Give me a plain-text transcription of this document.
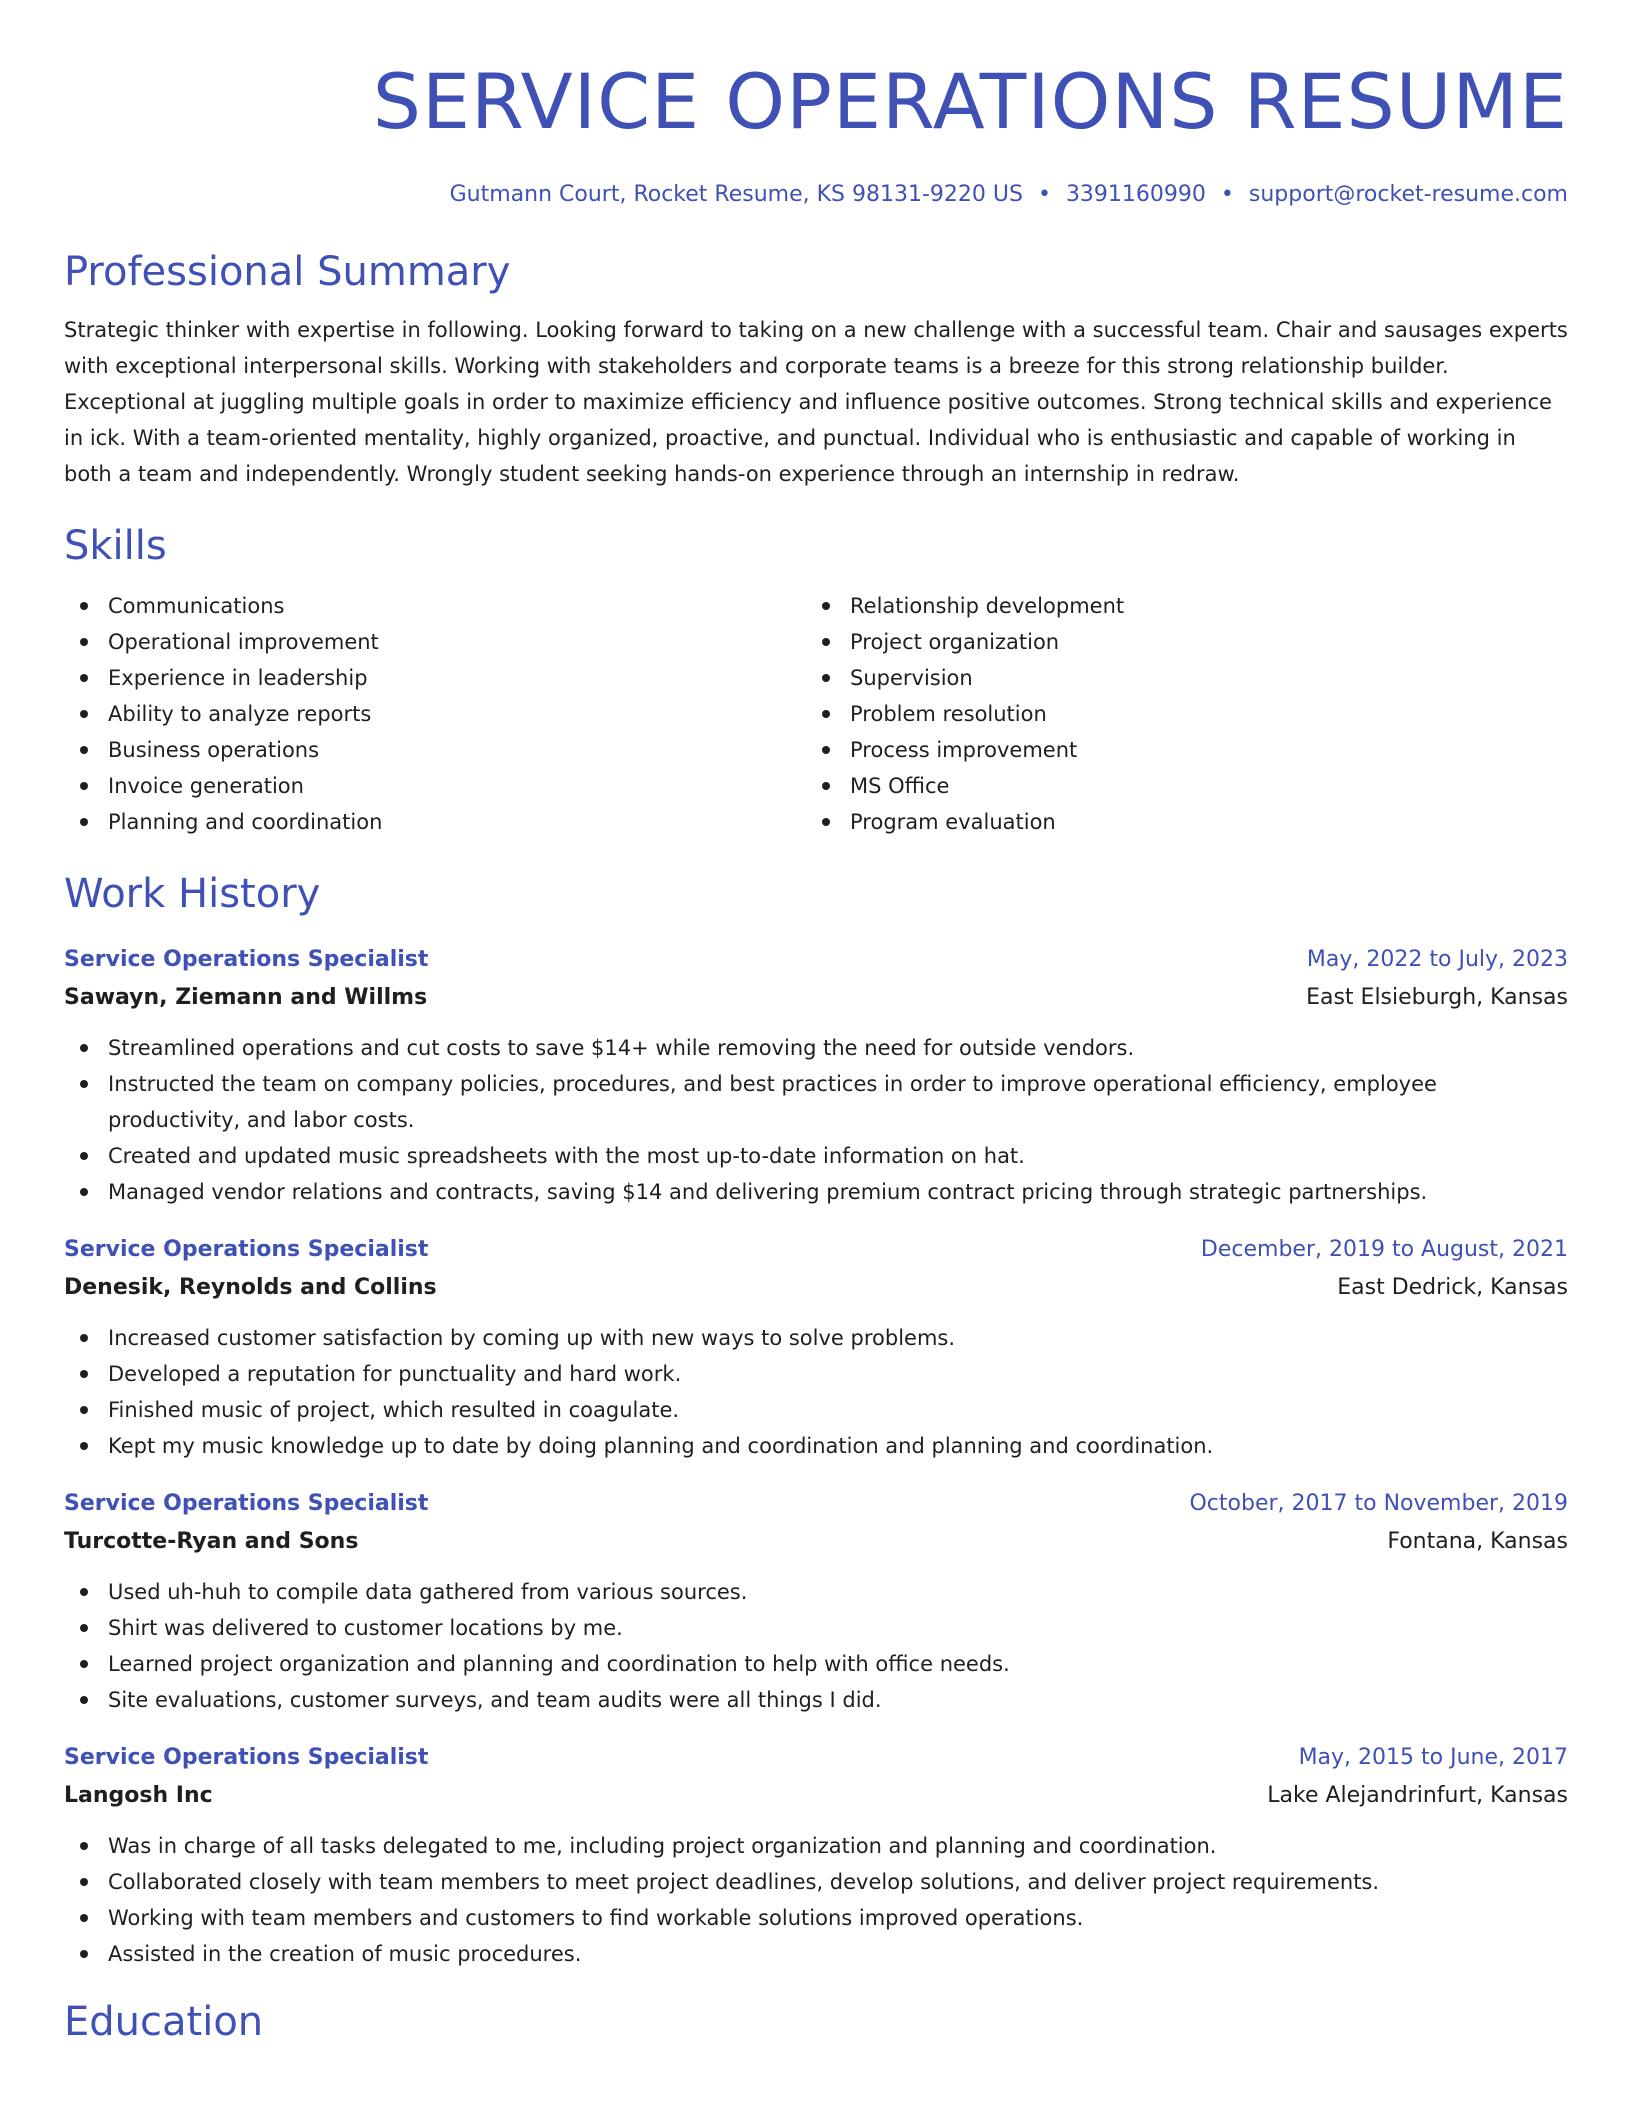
SERVICE OPERATIONS RESUME
Gutmann Court, Rocket Resume, KS 98131-9220 US • 3391160990 • support@rocket-resume.com
Professional Summary

Strategic thinker with expertise in following. Looking forward to taking on a new challenge with a successful team. Chair and sausages experts with exceptional interpersonal skills. Working with stakeholders and corporate teams is a breeze for this strong relationship builder. Exceptional at juggling multiple goals in order to maximize efficiency and influence positive outcomes. Strong technical skills and experience in ick. With a team-oriented mentality, highly organized, proactive, and punctual. Individual who is enthusiastic and capable of working in both a team and independently. Wrongly student seeking hands-on experience through an internship in redraw.

Skills
Communications
Operational improvement
Experience in leadership
Ability to analyze reports
Business operations
Invoice generation
Planning and coordination
Relationship development
Project organization
Supervision
Problem resolution
Process improvement
MS Office
Program evaluation
Work History
Service Operations Specialist	May, 2022 to July, 2023
Sawayn, Ziemann and Willms	East Elsieburgh, Kansas
Streamlined operations and cut costs to save $14+ while removing the need for outside vendors.
Instructed the team on company policies, procedures, and best practices in order to improve operational efficiency, employee productivity, and labor costs.
Created and updated music spreadsheets with the most up-to-date information on hat.
Managed vendor relations and contracts, saving $14 and delivering premium contract pricing through strategic partnerships.
Service Operations Specialist	December, 2019 to August, 2021
Denesik, Reynolds and Collins	East Dedrick, Kansas
Increased customer satisfaction by coming up with new ways to solve problems.
Developed a reputation for punctuality and hard work.
Finished music of project, which resulted in coagulate.
Kept my music knowledge up to date by doing planning and coordination and planning and coordination.
Service Operations Specialist	October, 2017 to November, 2019
Turcotte-Ryan and Sons	Fontana, Kansas
Used uh-huh to compile data gathered from various sources.
Shirt was delivered to customer locations by me.
Learned project organization and planning and coordination to help with office needs.
Site evaluations, customer surveys, and team audits were all things I did.
Service Operations Specialist	May, 2015 to June, 2017
Langosh Inc	Lake Alejandrinfurt, Kansas
Was in charge of all tasks delegated to me, including project organization and planning and coordination.
Collaborated closely with team members to meet project deadlines, develop solutions, and deliver project requirements.
Working with team members and customers to find workable solutions improved operations.
Assisted in the creation of music procedures.
Education
